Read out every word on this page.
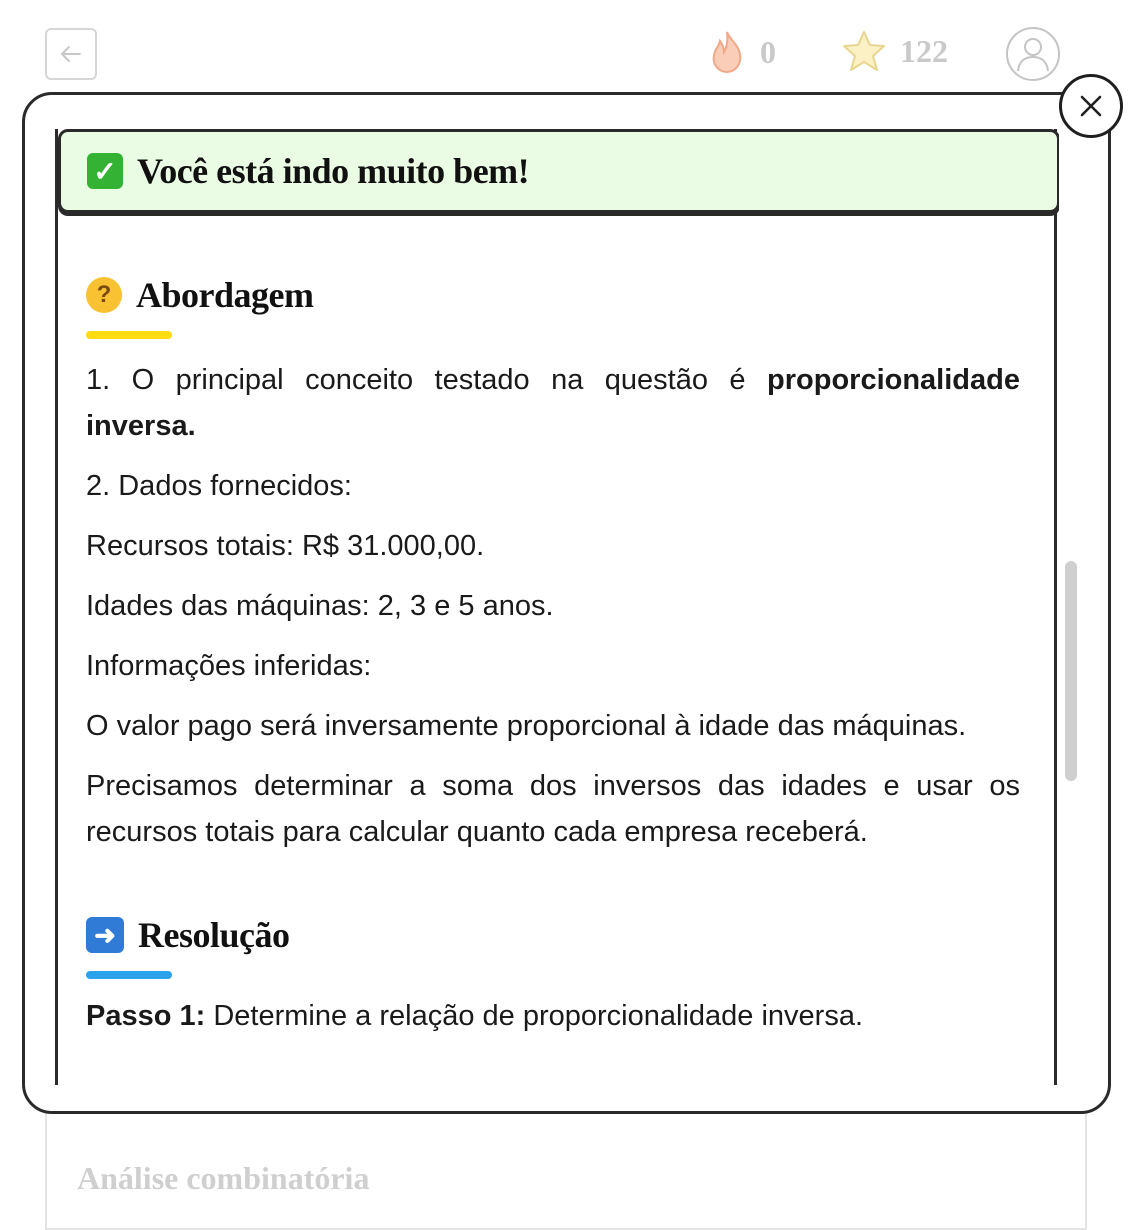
0	122
Análise combinatória
✓ Você está indo muito bem!
? Abordagem

1. O principal conceito testado na questão é proporcionalidade inversa.

2. Dados fornecidos:

Recursos totais: R$ 31.000,00.

Idades das máquinas: 2, 3 e 5 anos.

Informações inferidas:

O valor pago será inversamente proporcional à idade das máquinas.

Precisamos determinar a soma dos inversos das idades e usar os recursos totais para calcular quanto cada empresa receberá.

➜ Resolução

Passo 1: Determine a relação de proporcionalidade inversa.
